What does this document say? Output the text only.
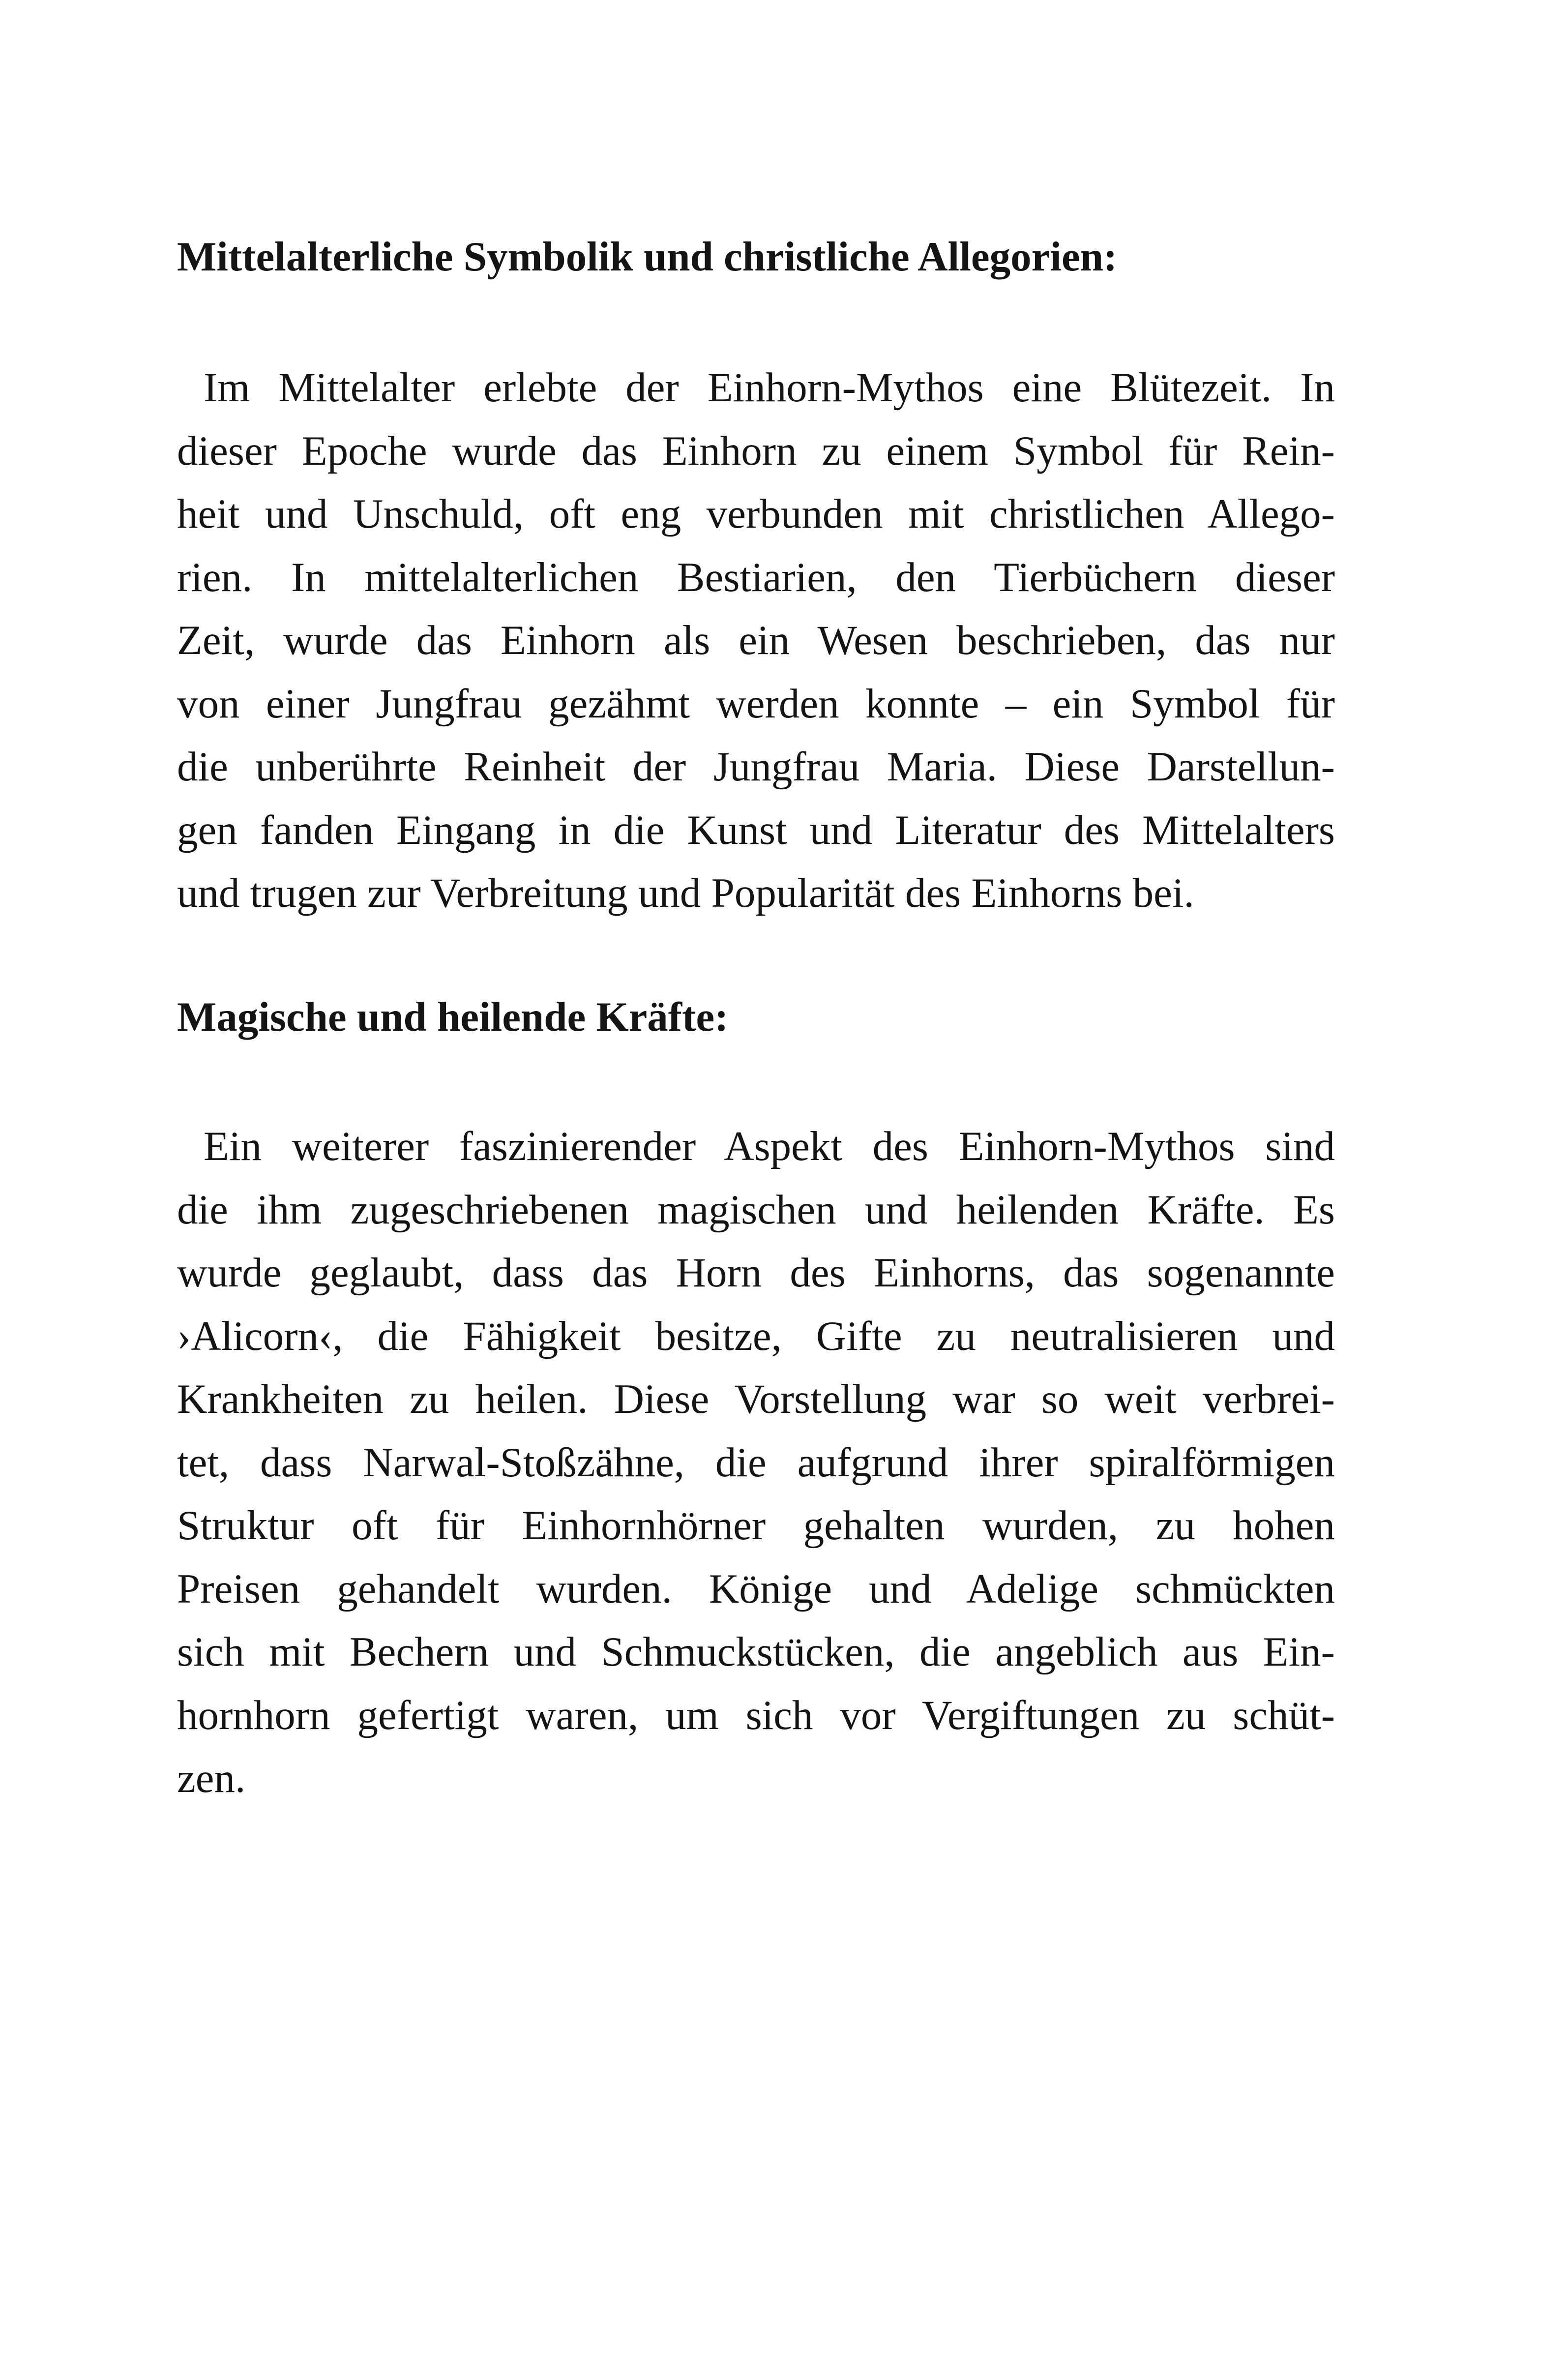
Mittelalterliche Symbolik und christliche Allegorien:
Im Mittelalter erlebte der Einhorn-Mythos eine Blütezeit. In
dieser Epoche wurde das Einhorn zu einem Symbol für Rein-
heit und Unschuld, oft eng verbunden mit christlichen Allego-
rien. In mittelalterlichen Bestiarien, den Tierbüchern dieser
Zeit, wurde das Einhorn als ein Wesen beschrieben, das nur
von einer Jungfrau gezähmt werden konnte – ein Symbol für
die unberührte Reinheit der Jungfrau Maria. Diese Darstellun-
gen fanden Eingang in die Kunst und Literatur des Mittelalters
und trugen zur Verbreitung und Popularität des Einhorns bei.
Magische und heilende Kräfte:
Ein weiterer faszinierender Aspekt des Einhorn-Mythos sind
die ihm zugeschriebenen magischen und heilenden Kräfte. Es
wurde geglaubt, dass das Horn des Einhorns, das sogenannte
›Alicorn‹, die Fähigkeit besitze, Gifte zu neutralisieren und
Krankheiten zu heilen. Diese Vorstellung war so weit verbrei-
tet, dass Narwal-Stoßzähne, die aufgrund ihrer spiralförmigen
Struktur oft für Einhornhörner gehalten wurden, zu hohen
Preisen gehandelt wurden. Könige und Adelige schmückten
sich mit Bechern und Schmuckstücken, die angeblich aus Ein-
hornhorn gefertigt waren, um sich vor Vergiftungen zu schüt-
zen.
